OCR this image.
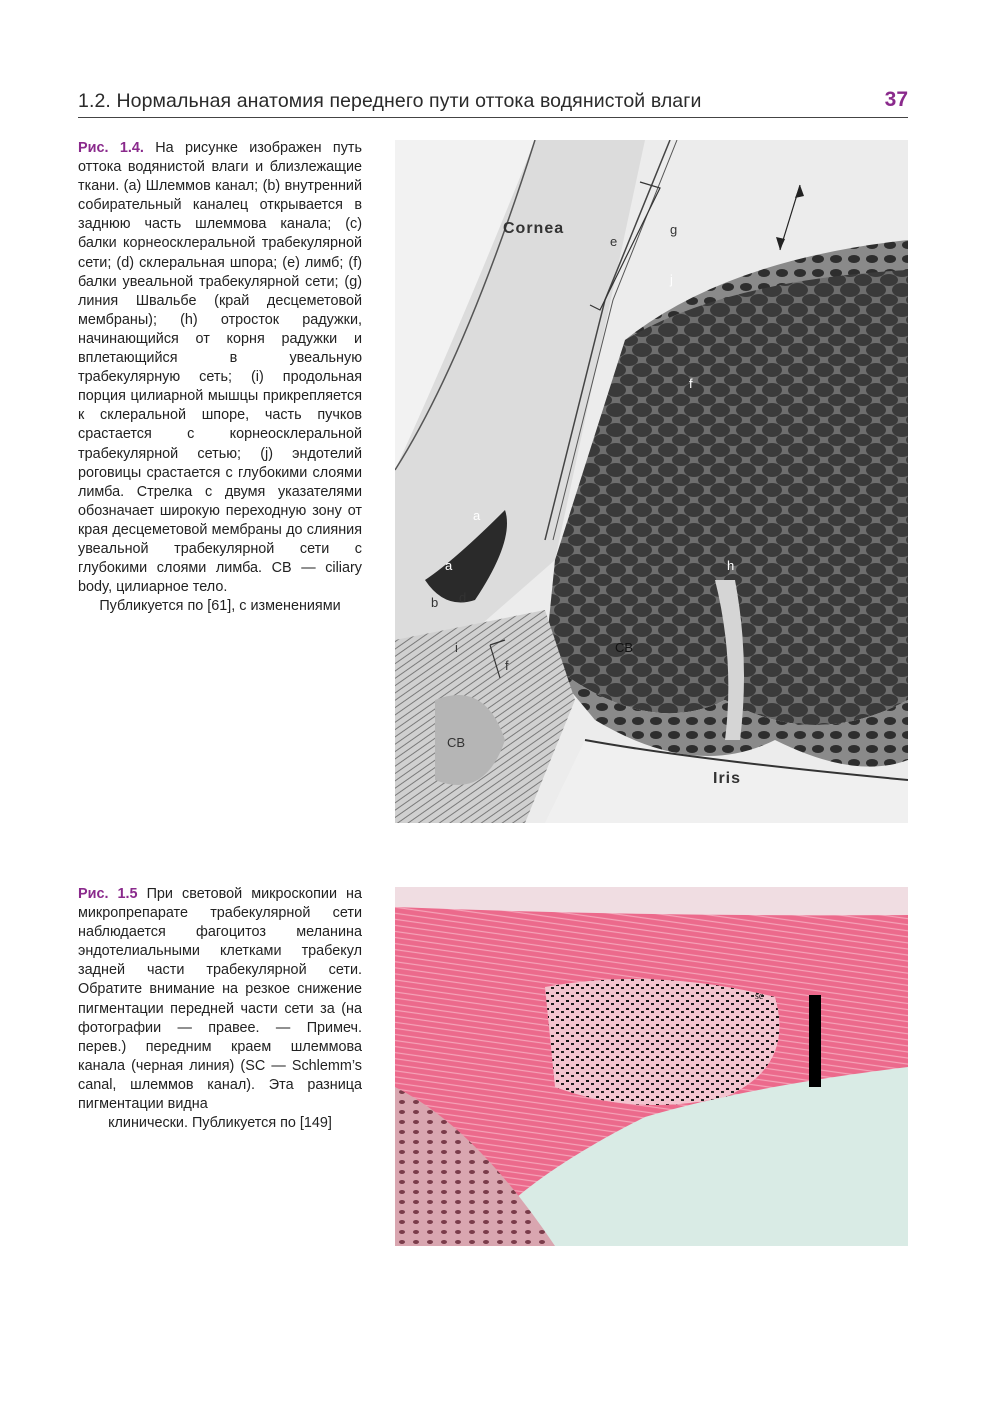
1.2. Нормальная анатомия переднего пути оттока водянистой влаги	37
Рис. 1.4. На рисунке изображен путь оттока водянистой влаги и близлежащие ткани. (a) Шлеммов канал; (b) внутренний собирательный каналец открывается в заднюю часть шлеммова канала; (c) балки корнеосклеральной трабекулярной сети; (d) склеральная шпора; (e) лимб; (f) балки увеальной трабекулярной сети; (g) линия Швальбе (край десцеметовой мембраны); (h) отросток радужки, начинающийся от корня радужки и вплетающийся в увеальную трабекулярную сеть; (i) продольная порция цилиарной мышцы прикрепляется к склеральной шпоре, часть пучков срастается с корнеосклеральной трабекулярной сетью; (j) эндотелий роговицы срастается с глубокими слоями лимба. Стрелка с двумя указателями обозначает широкую переходную зону от края десцеметовой мембраны до слияния увеальной трабекулярной сети с глубокими слоями лимба. CB — ciliary body, цилиарное тело.
Публикуется по [61], с изменениями
Cornea
Iris
CB
CB
e
g
j
f
f
h
i
a
a
b d
Рис. 1.5 При световой микроскопии на микропрепарате трабекулярной сети наблюдается фагоцитоз меланина эндотелиальными клетками трабекул задней части трабекулярной сети. Обратите внимание на резкое снижение пигментации передней части сети за (на фотографии — правее. — Примеч. перев.) передним краем шлеммова канала (черная линия) (SC — Schlemm’s canal, шлеммов канал). Эта разница пигментации видна
клинически. Публикуется по [149]
sc
